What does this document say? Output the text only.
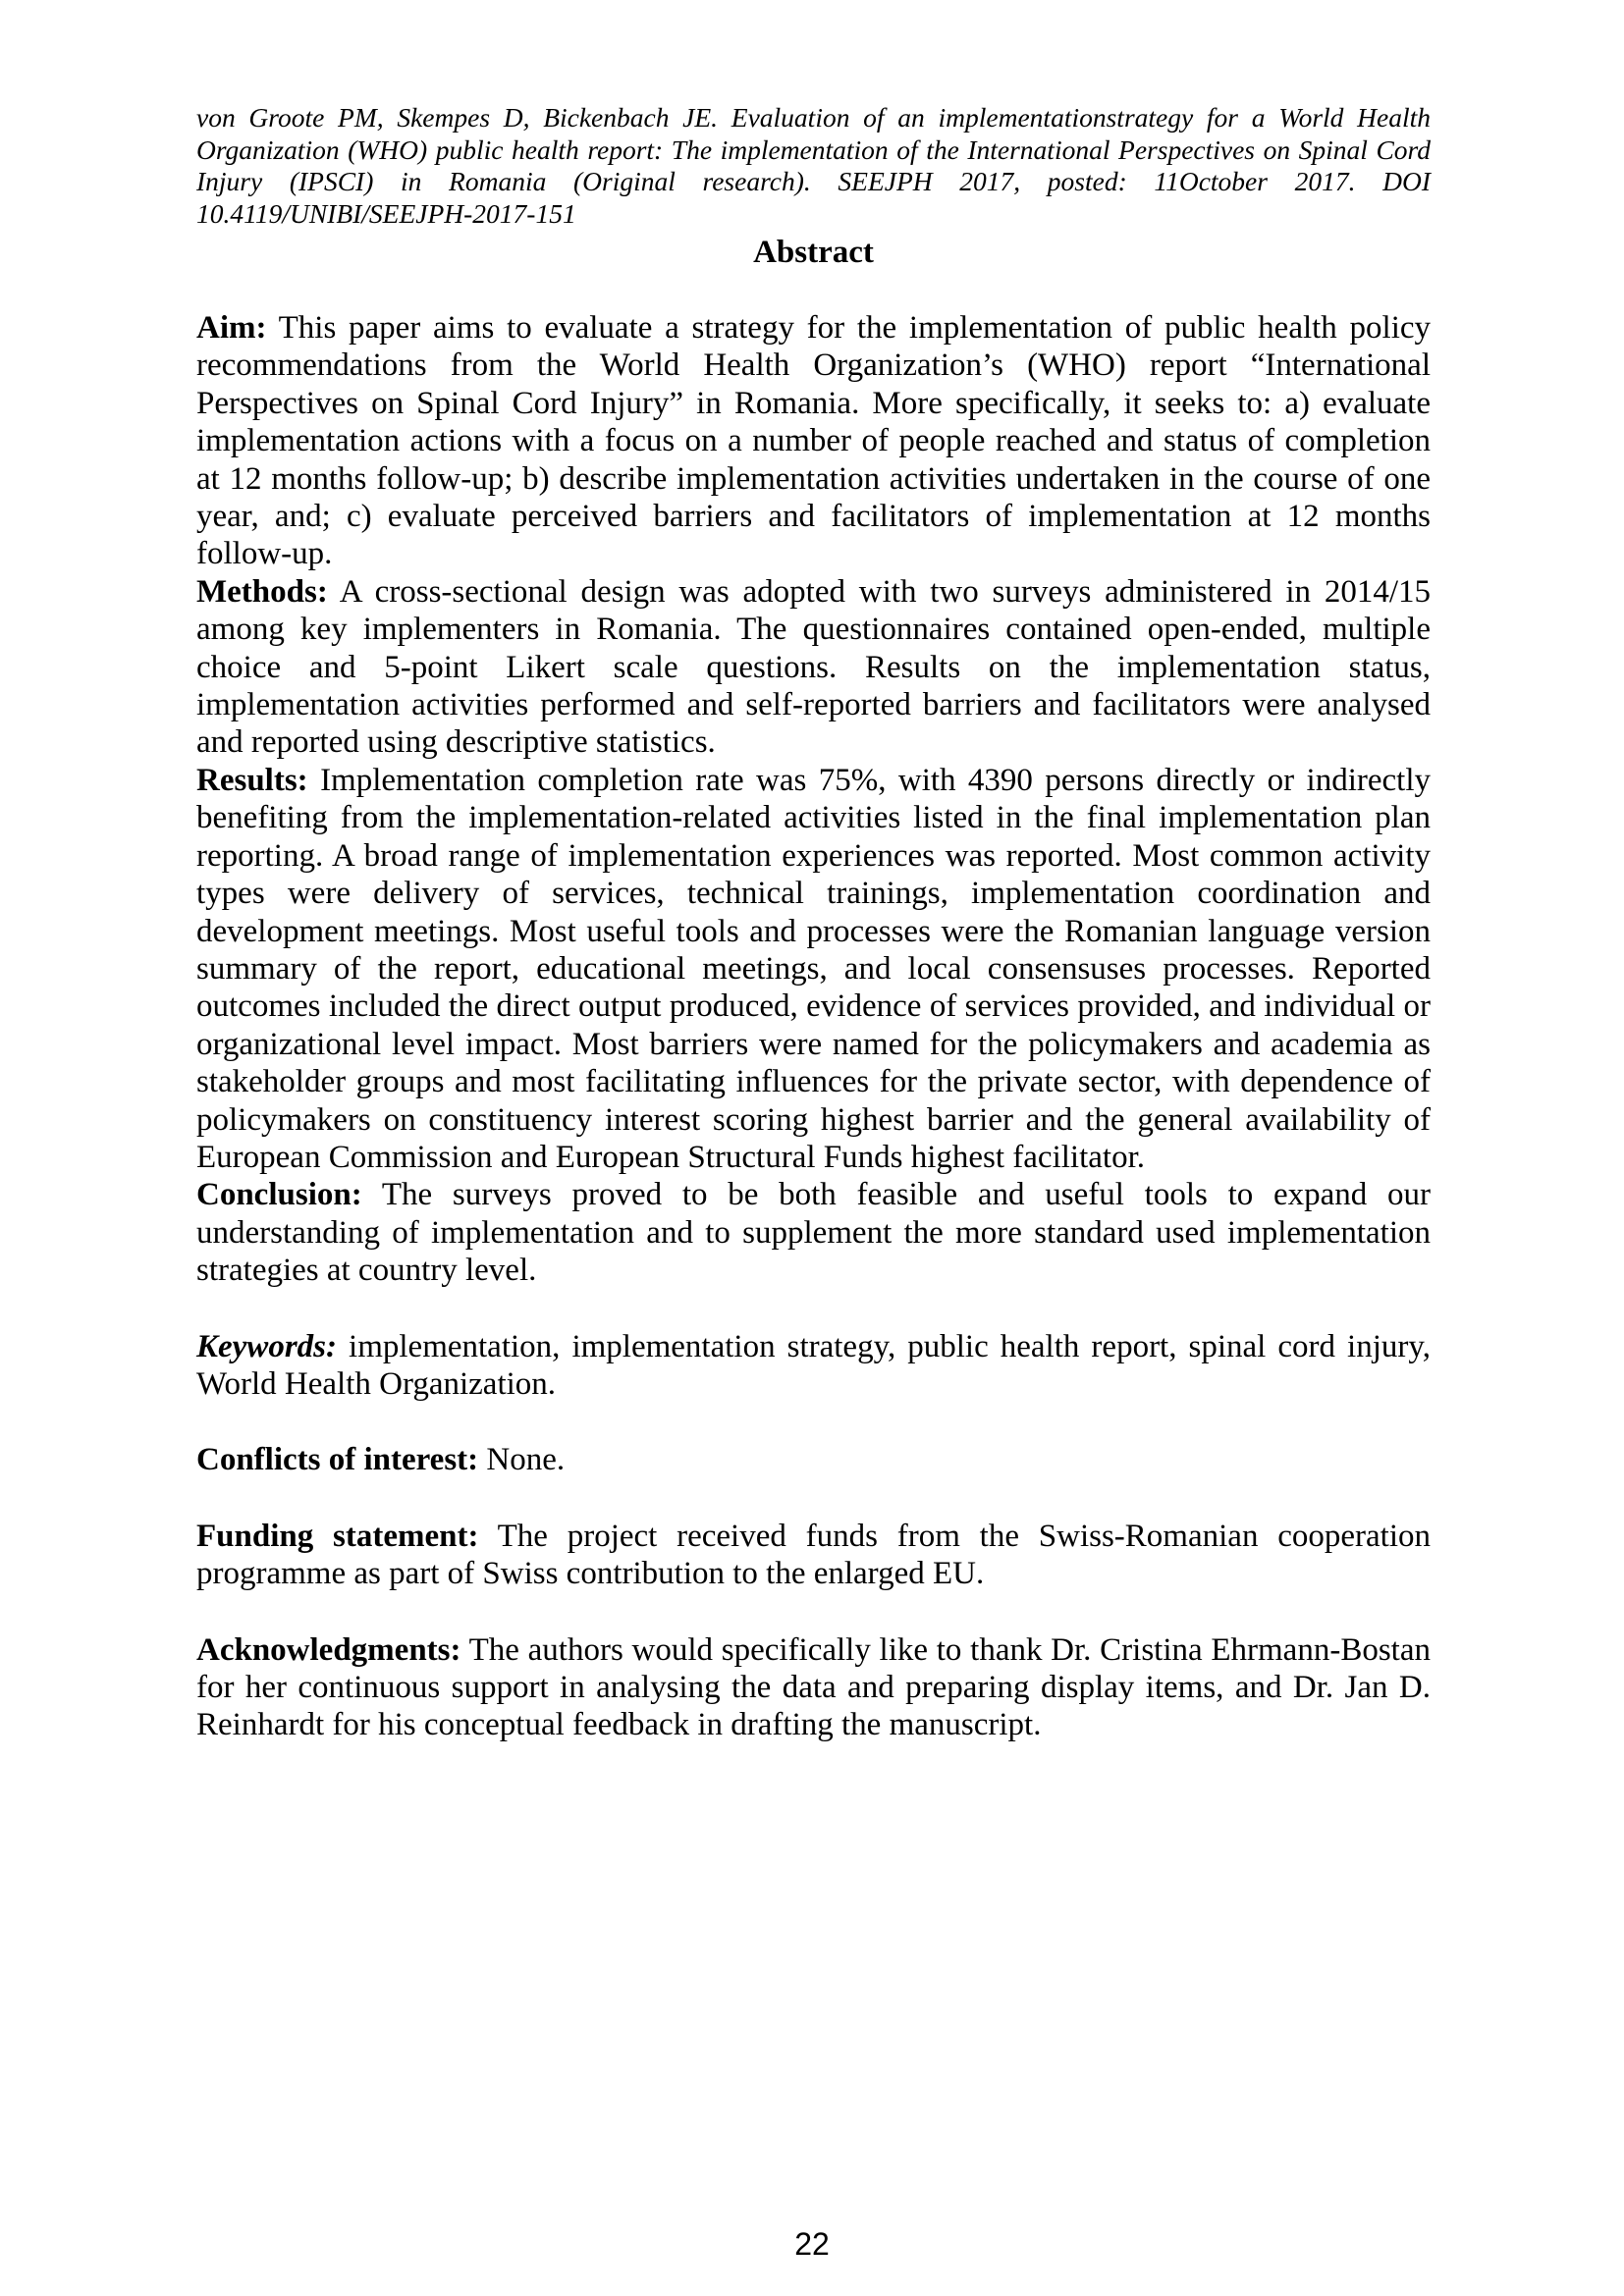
von Groote PM, Skempes D, Bickenbach JE. Evaluation of an implementationstrategy for a World Health Organization (WHO) public health report: The implementation of the International Perspectives on Spinal Cord Injury (IPSCI) in Romania (Original research). SEEJPH 2017, posted: 11October 2017. DOI 10.4119/UNIBI/SEEJPH-2017-151

Abstract

Aim: This paper aims to evaluate a strategy for the implementation of public health policy recommendations from the World Health Organization’s (WHO) report “International Perspectives on Spinal Cord Injury” in Romania. More specifically, it seeks to: a) evaluate implementation actions with a focus on a number of people reached and status of completion at 12 months follow-up; b) describe implementation activities undertaken in the course of one year, and; c) evaluate perceived barriers and facilitators of implementation at 12 months follow-up.

Methods: A cross-sectional design was adopted with two surveys administered in 2014/15 among key implementers in Romania. The questionnaires contained open-ended, multiple choice and 5-point Likert scale questions. Results on the implementation status, implementation activities performed and self-reported barriers and facilitators were analysed and reported using descriptive statistics.

Results: Implementation completion rate was 75%, with 4390 persons directly or indirectly benefiting from the implementation-related activities listed in the final implementation plan reporting. A broad range of implementation experiences was reported. Most common activity types were delivery of services, technical trainings, implementation coordination and development meetings. Most useful tools and processes were the Romanian language version summary of the report, educational meetings, and local consensuses processes. Reported outcomes included the direct output produced, evidence of services provided, and individual or organizational level impact. Most barriers were named for the policymakers and academia as stakeholder groups and most facilitating influences for the private sector, with dependence of policymakers on constituency interest scoring highest barrier and the general availability of European Commission and European Structural Funds highest facilitator.

Conclusion: The surveys proved to be both feasible and useful tools to expand our understanding of implementation and to supplement the more standard used implementation strategies at country level.

Keywords: implementation, implementation strategy, public health report, spinal cord injury, World Health Organization.

Conflicts of interest: None.

Funding statement: The project received funds from the Swiss-Romanian cooperation programme as part of Swiss contribution to the enlarged EU.

Acknowledgments: The authors would specifically like to thank Dr. Cristina Ehrmann-Bostan for her continuous support in analysing the data and preparing display items, and Dr. Jan D. Reinhardt for his conceptual feedback in drafting the manuscript.

22
